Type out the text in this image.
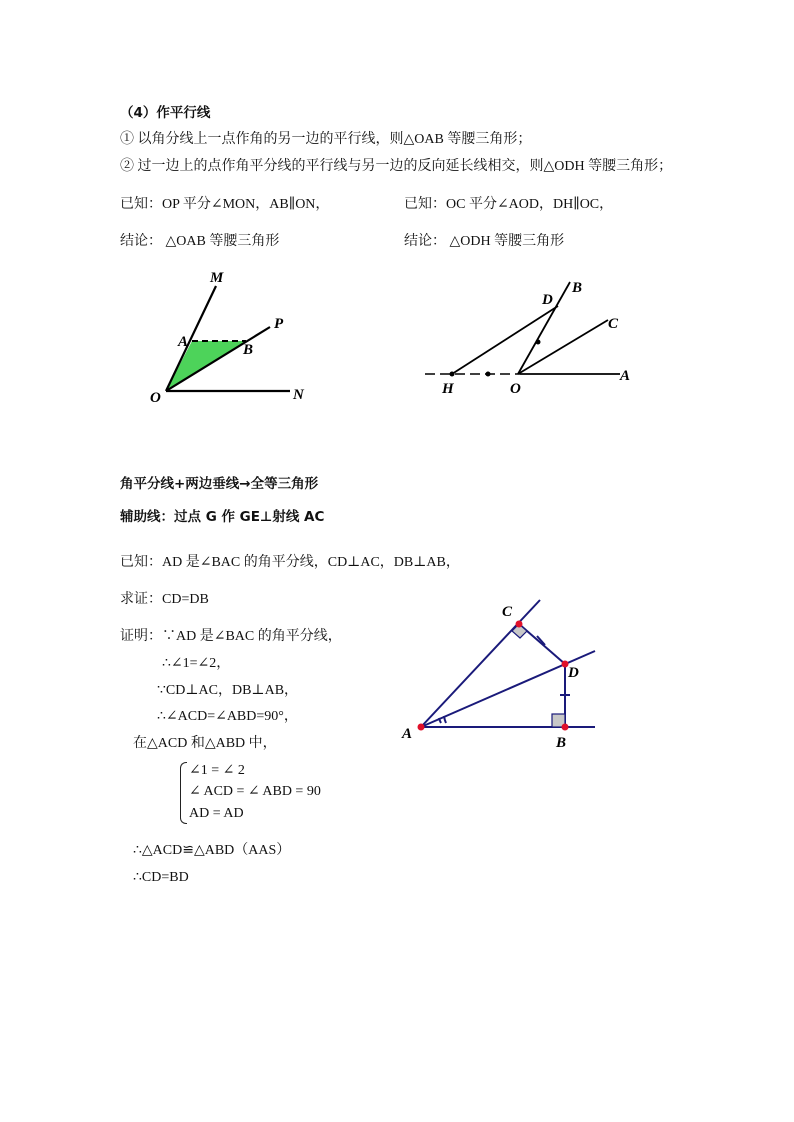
（4）作平行线
① 以角分线上一点作角的另一边的平行线，则△OAB 等腰三角形；
② 过一边上的点作角平分线的平行线与另一边的反向延长线相交，则△ODH 等腰三角形；
已知：OP 平分∠MON，AB∥ON，	已知：OC 平分∠AOD，DH∥OC，
结论： △OAB 等腰三角形	结论： △ODH 等腰三角形
M
P
A	B
O	N
D
B
C
H	O
A
角平分线+两边垂线→全等三角形
辅助线：过点 G 作 GE⊥射线 AC
已知：AD 是∠BAC 的角平分线，CD⊥AC，DB⊥AB，
求证：CD=DB
证明：∵AD 是∠BAC 的角平分线，
∴∠1=∠2，
∵CD⊥AC，DB⊥AB，
∴∠ACD=∠ABD=90°，
在△ACD 和△ABD 中，
∠1 = ∠ 2
∠ ACD = ∠ ABD = 90
AD = AD
∴△ACD≌△ABD（AAS）
∴CD=BD
C
D
A
B
